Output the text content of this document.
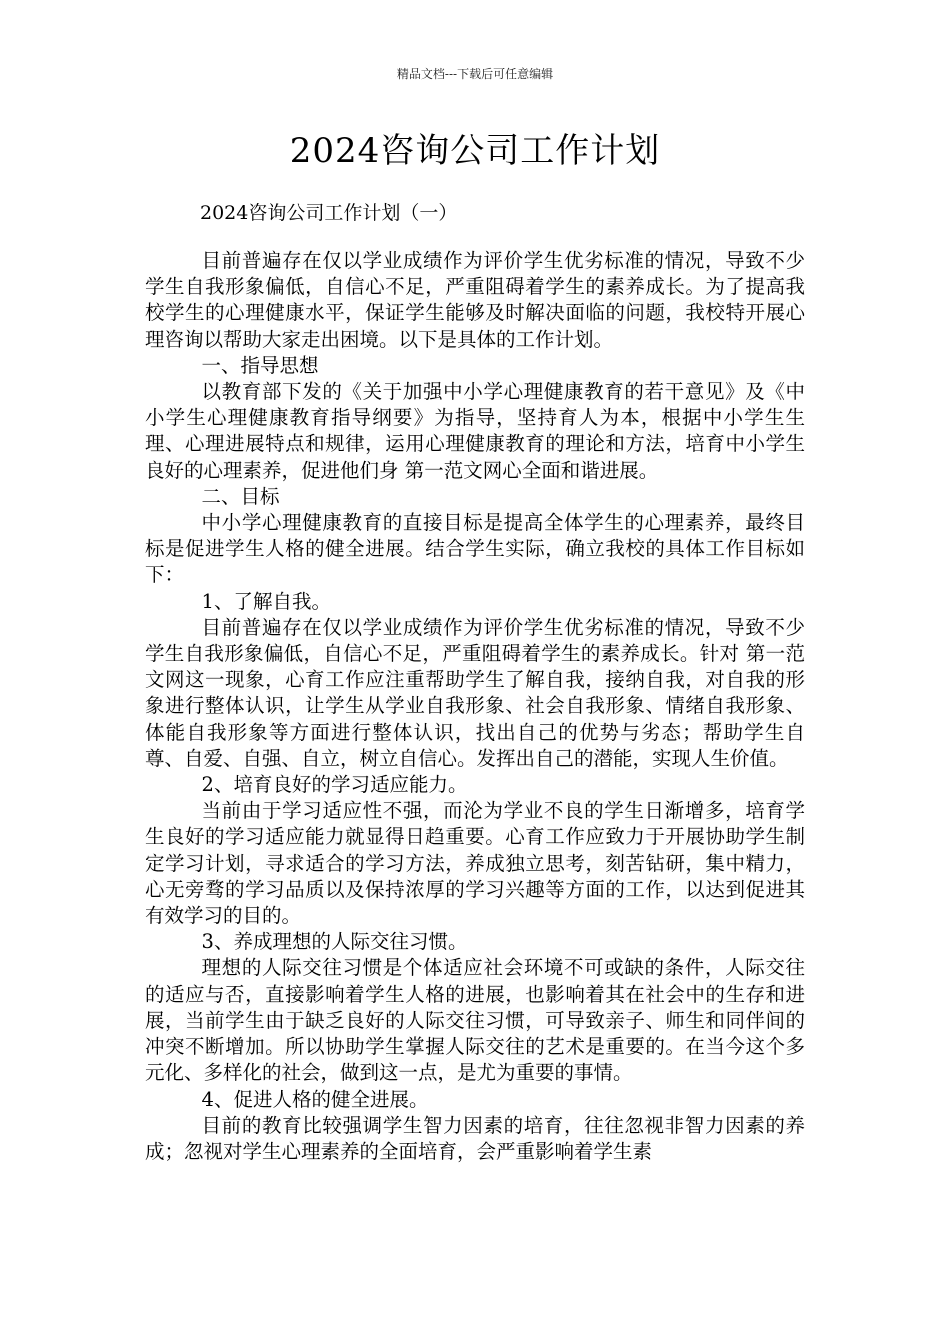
精品文档---下载后可任意编辑
2024咨询公司工作计划
2024咨询公司工作计划（一）

目前普遍存在仅以学业成绩作为评价学生优劣标准的情况，导致不少学生自我形象偏低，自信心不足，严重阻碍着学生的素养成长。为了提高我校学生的心理健康水平，保证学生能够及时解决面临的问题，我校特开展心理咨询以帮助大家走出困境。以下是具体的工作计划。

一、指导思想

以教育部下发的《关于加强中小学心理健康教育的若干意见》及《中小学生心理健康教育指导纲要》为指导，坚持育人为本，根据中小学生生理、心理进展特点和规律，运用心理健康教育的理论和方法，培育中小学生良好的心理素养，促进他们身 第一范文网心全面和谐进展。

二、目标

中小学心理健康教育的直接目标是提高全体学生的心理素养，最终目标是促进学生人格的健全进展。结合学生实际，确立我校的具体工作目标如下：

1、了解自我。

目前普遍存在仅以学业成绩作为评价学生优劣标准的情况，导致不少学生自我形象偏低，自信心不足，严重阻碍着学生的素养成长。针对 第一范文网这一现象，心育工作应注重帮助学生了解自我，接纳自我，对自我的形象进行整体认识，让学生从学业自我形象、社会自我形象、情绪自我形象、体能自我形象等方面进行整体认识，找出自己的优势与劣态；帮助学生自尊、自爱、自强、自立，树立自信心。发挥出自己的潜能，实现人生价值。

2、培育良好的学习适应能力。

当前由于学习适应性不强，而沦为学业不良的学生日渐增多，培育学生良好的学习适应能力就显得日趋重要。心育工作应致力于开展协助学生制定学习计划，寻求适合的学习方法，养成独立思考，刻苦钻研，集中精力，心无旁骛的学习品质以及保持浓厚的学习兴趣等方面的工作，以达到促进其有效学习的目的。

3、养成理想的人际交往习惯。

理想的人际交往习惯是个体适应社会环境不可或缺的条件，人际交往的适应与否，直接影响着学生人格的进展，也影响着其在社会中的生存和进展，当前学生由于缺乏良好的人际交往习惯，可导致亲子、师生和同伴间的冲突不断增加。所以协助学生掌握人际交往的艺术是重要的。在当今这个多元化、多样化的社会，做到这一点，是尤为重要的事情。

4、促进人格的健全进展。

目前的教育比较强调学生智力因素的培育，往往忽视非智力因素的养成；忽视对学生心理素养的全面培育，会严重影响着学生素
